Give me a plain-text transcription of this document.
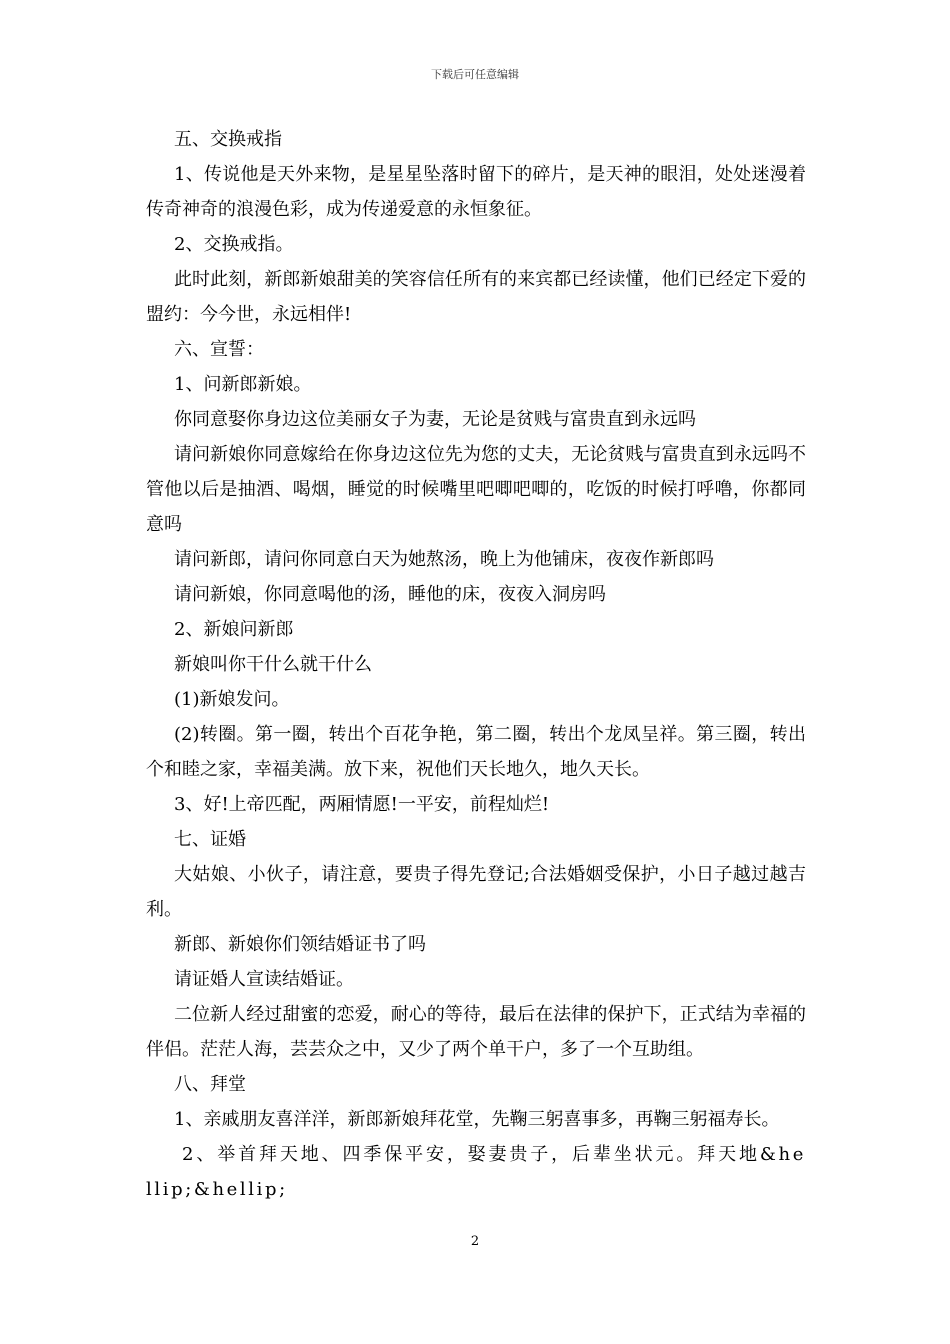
下载后可任意编辑

五、交换戒指

1、传说他是天外来物，是星星坠落时留下的碎片，是天神的眼泪，处处迷漫着传奇神奇的浪漫色彩，成为传递爱意的永恒象征。

2、交换戒指。

此时此刻，新郎新娘甜美的笑容信任所有的来宾都已经读懂，他们已经定下爱的盟约：今今世，永远相伴!

六、宣誓：

1、问新郎新娘。

你同意娶你身边这位美丽女子为妻，无论是贫贱与富贵直到永远吗

请问新娘你同意嫁给在你身边这位先为您的丈夫，无论贫贱与富贵直到永远吗不管他以后是抽酒、喝烟，睡觉的时候嘴里吧唧吧唧的，吃饭的时候打呼噜，你都同意吗

请问新郎，请问你同意白天为她熬汤，晚上为他铺床，夜夜作新郎吗

请问新娘，你同意喝他的汤，睡他的床，夜夜入洞房吗

2、新娘问新郎

新娘叫你干什么就干什么

(1)新娘发问。

(2)转圈。第一圈，转出个百花争艳，第二圈，转出个龙凤呈祥。第三圈，转出个和睦之家，幸福美满。放下来，祝他们天长地久，地久天长。

3、好!上帝匹配，两厢情愿!一平安，前程灿烂!

七、证婚

大姑娘、小伙子，请注意，要贵子得先登记;合法婚姻受保护，小日子越过越吉利。

新郎、新娘你们领结婚证书了吗

请证婚人宣读结婚证。

二位新人经过甜蜜的恋爱，耐心的等待，最后在法律的保护下，正式结为幸福的伴侣。茫茫人海，芸芸众之中，又少了两个单干户，多了一个互助组。

八、拜堂

1、亲戚朋友喜洋洋，新郎新娘拜花堂，先鞠三躬喜事多，再鞠三躬福寿长。

2、举首拜天地、四季保平安，娶妻贵子，后辈坐状元。拜天地&hellip;&hellip;

2
